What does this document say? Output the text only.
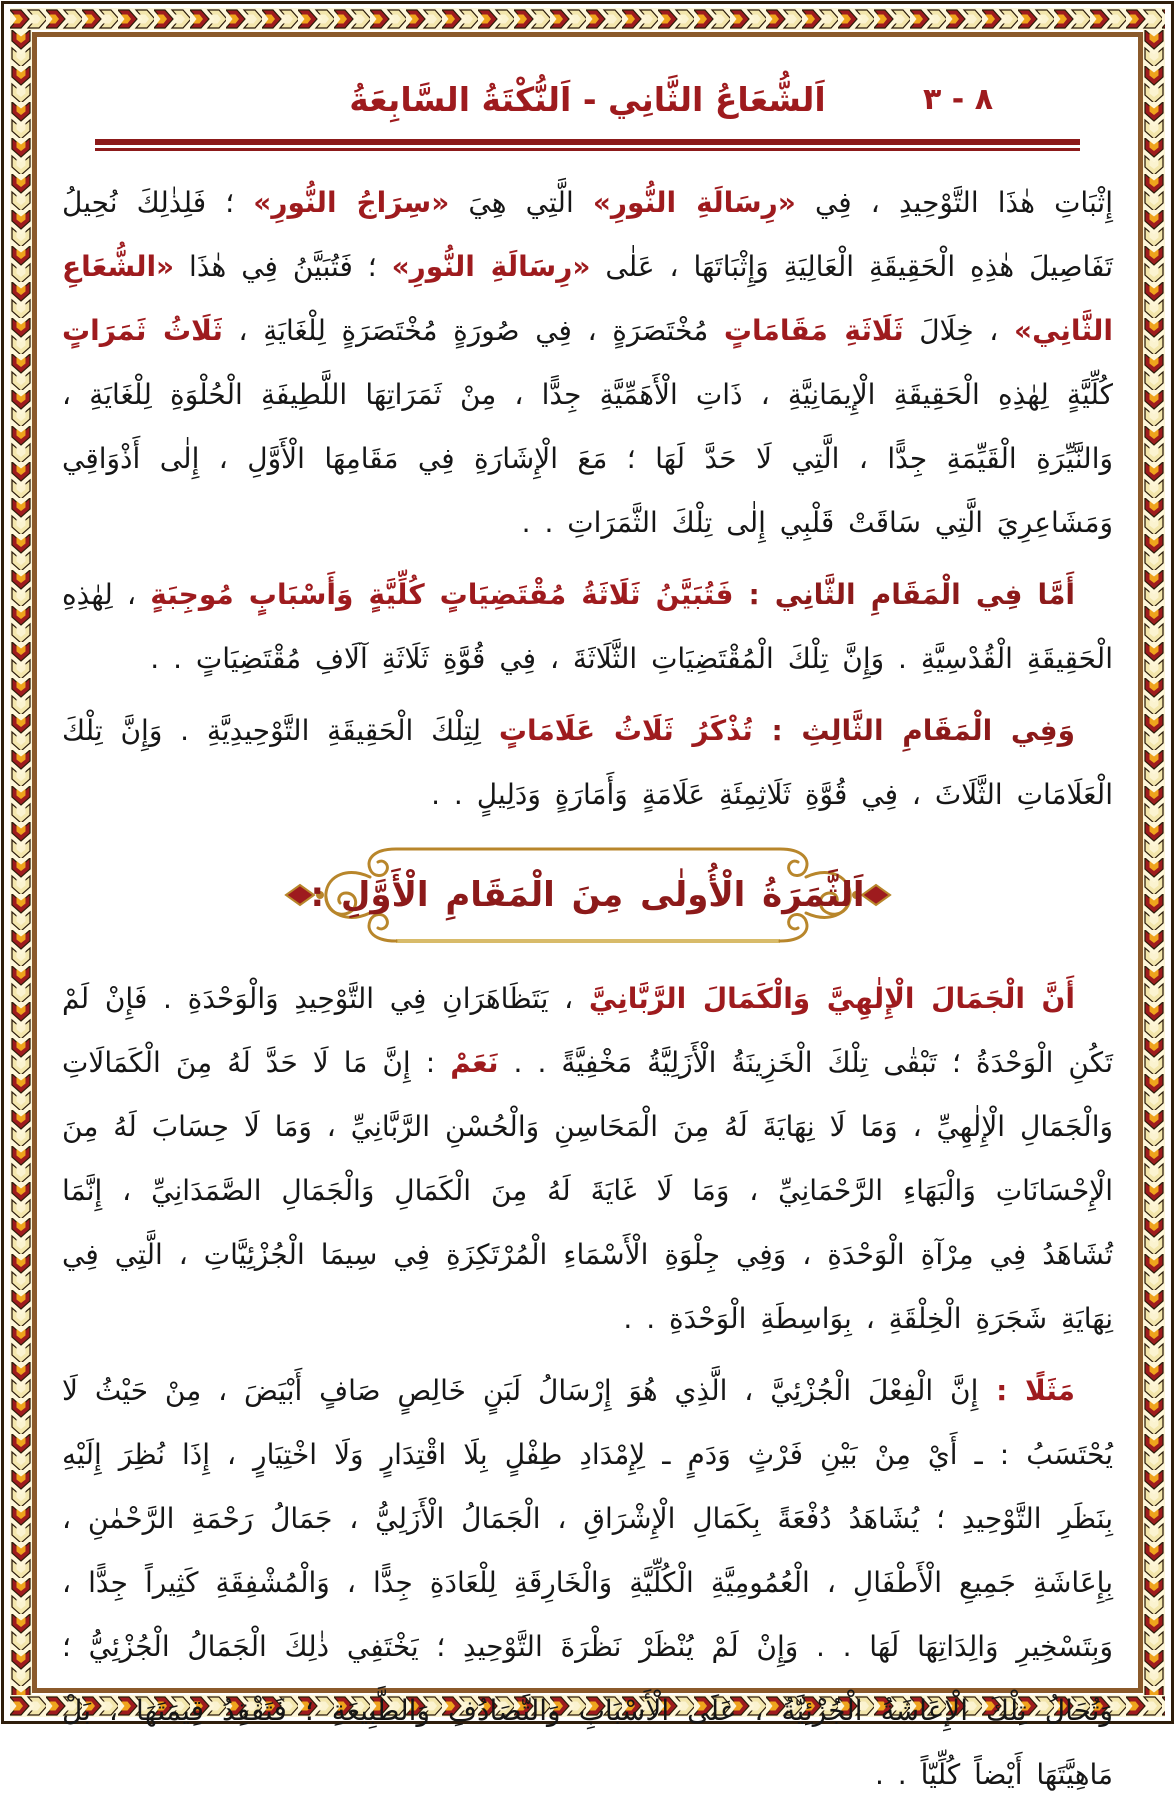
٨ - ٣
اَلشُّعَاعُ الثَّانِي - اَلنُّكْتَةُ السَّابِعَةُ

إِثْبَاتِ هٰذَا التَّوْحِيدِ ، فِي «رِسَالَةِ النُّورِ» الَّتِي هِيَ «سِرَاجُ النُّورِ» ؛ فَلِذٰلِكَ نُحِيلُ تَفَاصِيلَ هٰذِهِ الْحَقِيقَةِ الْعَالِيَةِ وَإِثْبَاتَهَا ، عَلٰى «رِسَالَةِ النُّورِ» ؛ فَتُبَيَّنُ فِي هٰذَا «الشُّعَاعِ الثَّانِي» ، خِلَالَ ثَلَاثَةِ مَقَامَاتٍ مُخْتَصَرَةٍ ، فِي صُورَةٍ مُخْتَصَرَةٍ لِلْغَايَةِ ، ثَلَاثُ ثَمَرَاتٍ كُلِّيَّةٍ لِهٰذِهِ الْحَقِيقَةِ الْإِيمَانِيَّةِ ، ذَاتِ الْأَهَمِّيَّةِ جِدًّا ، مِنْ ثَمَرَاتِهَا اللَّطِيفَةِ الْحُلْوَةِ لِلْغَايَةِ ، وَالنَّيِّرَةِ الْقَيِّمَةِ جِدًّا ، الَّتِي لَا حَدَّ لَهَا ؛ مَعَ الْإِشَارَةِ فِي مَقَامِهَا الْأَوَّلِ ، إِلٰى أَذْوَاقِي وَمَشَاعِرِيَ الَّتِي سَاقَتْ قَلْبِي إِلٰى تِلْكَ الثَّمَرَاتِ . .

أَمَّا فِي الْمَقَامِ الثَّانِي : فَتُبَيَّنُ ثَلَاثَةُ مُقْتَضِيَاتٍ كُلِّيَّةٍ وَأَسْبَابٍ مُوجِبَةٍ ، لِهٰذِهِ الْحَقِيقَةِ الْقُدْسِيَّةِ . وَإِنَّ تِلْكَ الْمُقْتَضِيَاتِ الثَّلَاثَةَ ، فِي قُوَّةِ ثَلَاثَةِ آلَافِ مُقْتَضِيَاتٍ . .

وَفِي الْمَقَامِ الثَّالِثِ : تُذْكَرُ ثَلَاثُ عَلَامَاتٍ لِتِلْكَ الْحَقِيقَةِ التَّوْحِيدِيَّةِ . وَإِنَّ تِلْكَ الْعَلَامَاتِ الثَّلَاثَ ، فِي قُوَّةِ ثَلَاثِمِئَةِ عَلَامَةٍ وَأَمَارَةٍ وَدَلِيلٍ . .

اَلثَّمَرَةُ الْأُولٰى مِنَ الْمَقَامِ الْأَوَّلِ :

أَنَّ الْجَمَالَ الْإِلٰهِيَّ وَالْكَمَالَ الرَّبَّانِيَّ ، يَتَظَاهَرَانِ فِي التَّوْحِيدِ وَالْوَحْدَةِ . فَإِنْ لَمْ تَكُنِ الْوَحْدَةُ ؛ تَبْقٰى تِلْكَ الْخَزِينَةُ الْأَزَلِيَّةُ مَخْفِيَّةً . . نَعَمْ : إِنَّ مَا لَا حَدَّ لَهُ مِنَ الْكَمَالَاتِ وَالْجَمَالِ الْإِلٰهِيِّ ، وَمَا لَا نِهَايَةَ لَهُ مِنَ الْمَحَاسِنِ وَالْحُسْنِ الرَّبَّانِيِّ ، وَمَا لَا حِسَابَ لَهُ مِنَ الْإِحْسَانَاتِ وَالْبَهَاءِ الرَّحْمَانِيِّ ، وَمَا لَا غَايَةَ لَهُ مِنَ الْكَمَالِ وَالْجَمَالِ الصَّمَدَانِيِّ ، إِنَّمَا تُشَاهَدُ فِي مِرْآةِ الْوَحْدَةِ ، وَفِي جِلْوَةِ الْأَسْمَاءِ الْمُرْتَكِزَةِ فِي سِيمَا الْجُزْئِيَّاتِ ، الَّتِي فِي نِهَايَةِ شَجَرَةِ الْخِلْقَةِ ، بِوَاسِطَةِ الْوَحْدَةِ . .

مَثَلًا : إِنَّ الْفِعْلَ الْجُزْئِيَّ ، الَّذِي هُوَ إِرْسَالُ لَبَنٍ خَالِصٍ صَافٍ أَبْيَضَ ، مِنْ حَيْثُ لَا يُحْتَسَبُ : ـ أَيْ مِنْ بَيْنِ فَرْثٍ وَدَمٍ ـ لِإِمْدَادِ طِفْلٍ بِلَا اقْتِدَارٍ وَلَا اخْتِيَارٍ ، إِذَا نُظِرَ إِلَيْهِ بِنَظَرِ التَّوْحِيدِ ؛ يُشَاهَدُ دُفْعَةً بِكَمَالِ الْإِشْرَاقِ ، الْجَمَالُ الْأَزَلِيُّ ، جَمَالُ رَحْمَةِ الرَّحْمٰنِ ، بِإِعَاشَةِ جَمِيعِ الْأَطْفَالِ ، الْعُمُومِيَّةِ الْكُلِّيَّةِ وَالْخَارِقَةِ لِلْعَادَةِ جِدًّا ، وَالْمُشْفِقَةِ كَثِيراً جِدًّا ، وَبِتَسْخِيرِ وَالِدَاتِهَا لَهَا . . وَإِنْ لَمْ يُنْظَرْ نَظْرَةَ التَّوْحِيدِ ؛ يَخْتَفِي ذٰلِكَ الْجَمَالُ الْجُزْئِيُّ ؛ وَتُحَالُ تِلْكَ الْإِعَاشَةُ الْجُزْئِيَّةُ ، عَلَى الْأَسْبَابِ وَالتَّصَادُفِ وَالطَّبِيعَةِ ؛ فَتَفْقِدُ قِيمَتَهَا ، بَلْ مَاهِيَّتَهَا أَيْضاً كُلِّيّاً . .
